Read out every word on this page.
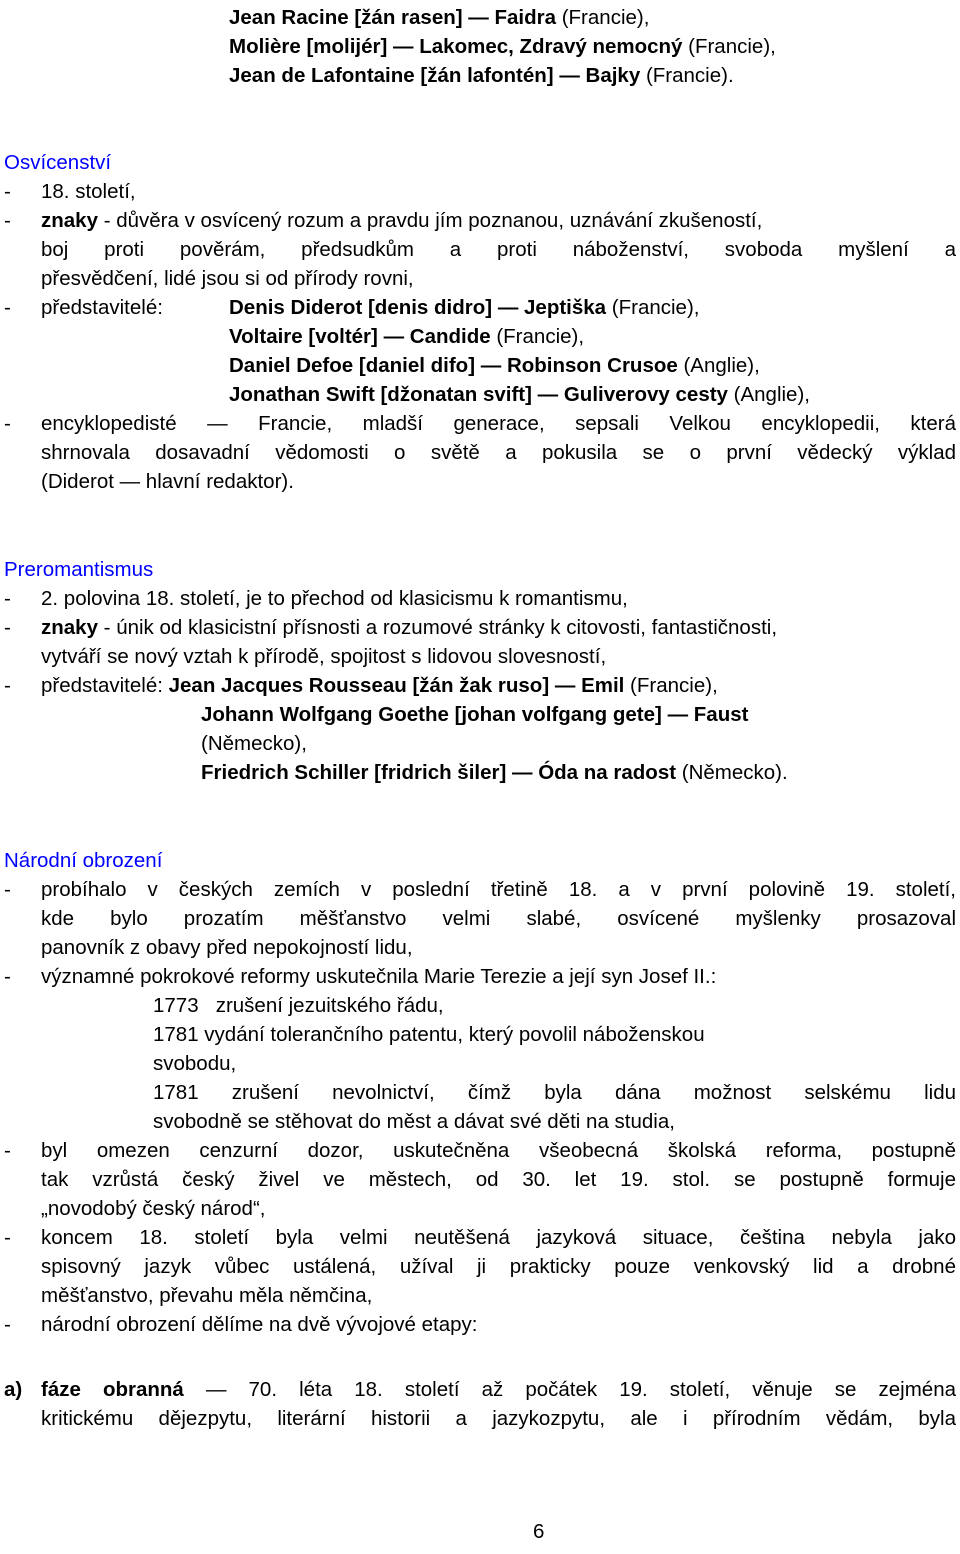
Jean Racine [žán rasen] — Faidra (Francie),
Molière [molijér] — Lakomec, Zdravý nemocný (Francie),
Jean de Lafontaine [žán lafontén] — Bajky (Francie).
Osvícenství
- 18. století,
- znaky - důvěra v osvícený rozum a pravdu jím poznanou, uznávání zkušeností,
boj proti pověrám, předsudkům a proti náboženství, svoboda myšlení a
přesvědčení, lidé jsou si od přírody rovni,
- představitelé:	Denis Diderot [denis didro] — Jeptiška (Francie),
Voltaire [voltér] — Candide (Francie),
Daniel Defoe [daniel difo] — Robinson Crusoe (Anglie),
Jonathan Swift [džonatan svift] — Guliverovy cesty (Anglie),
- encyklopedisté — Francie, mladší generace, sepsali Velkou encyklopedii, která
shrnovala dosavadní vědomosti o světě a pokusila se o první vědecký výklad
(Diderot — hlavní redaktor).
Preromantismus
- 2. polovina 18. století, je to přechod od klasicismu k romantismu,
- znaky - únik od klasicistní přísnosti a rozumové stránky k citovosti, fantastičnosti,
vytváří se nový vztah k přírodě, spojitost s lidovou slovesností,
- představitelé: Jean Jacques Rousseau [žán žak ruso] — Emil (Francie),
Johann Wolfgang Goethe [johan volfgang gete] — Faust
(Německo),
Friedrich Schiller [fridrich šiler] — Óda na radost (Německo).
Národní obrození
- probíhalo v českých zemích v poslední třetině 18. a v první polovině 19. století,
kde bylo prozatím měšťanstvo velmi slabé, osvícené myšlenky prosazoval
panovník z obavy před nepokojností lidu,
- významné pokrokové reformy uskutečnila Marie Terezie a její syn Josef II.:
1773   zrušení jezuitského řádu,
1781 vydání tolerančního patentu, který povolil náboženskou
svobodu,
1781 zrušení nevolnictví, čímž byla dána možnost selskému lidu
svobodně se stěhovat do měst a dávat své děti na studia,
- byl omezen cenzurní dozor, uskutečněna všeobecná školská reforma, postupně
tak vzrůstá český živel ve městech, od 30. let 19. stol. se postupně formuje
„novodobý český národ“,
- koncem 18. století byla velmi neutěšená jazyková situace, čeština nebyla jako
spisovný jazyk vůbec ustálená, užíval ji prakticky pouze venkovský lid a drobné
měšťanstvo, převahu měla němčina,
- národní obrození dělíme na dvě vývojové etapy:
a) fáze obranná — 70. léta 18. století až počátek 19. století, věnuje se zejména
kritickému dějezpytu, literární historii a jazykozpytu, ale i přírodním vědám, byla
6
